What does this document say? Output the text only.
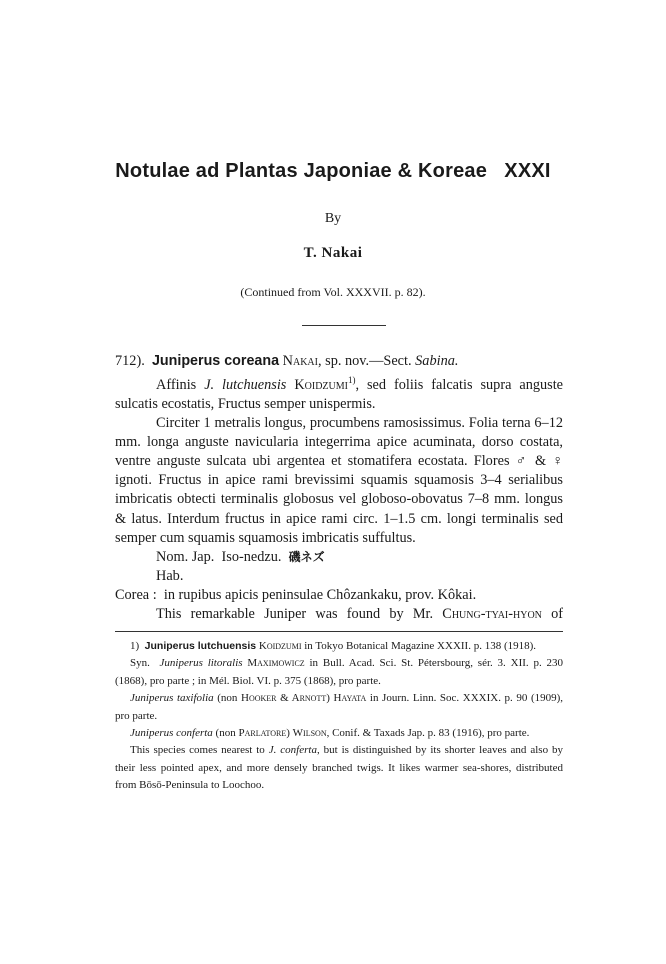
Notulae ad Plantas Japoniae & Koreae   XXXI
By
T. Nakai
(Continued from Vol. XXXVII. p. 82).

712). Juniperus coreana Nakai, sp. nov.—Sect. Sabina.

Affinis J. lutchuensis Koidzumi$^{1)}$, sed foliis falcatis supra anguste sulcatis ecostatis, Fructus semper unispermis.

Circiter 1 metralis longus, procumbens ramosissimus. Folia terna 6–12 mm. longa anguste navicularia integerrima apice acuminata, dorso costata, ventre anguste sulcata ubi argentea et stomatifera ecostata. Flores ♂ & ♀ ignoti. Fructus in apice rami brevissimi squamis squamosis 3–4 serialibus imbricatis obtecti terminalis globosus vel globoso-obovatus 7–8 mm. longus & latus. Interdum fructus in apice rami circ. 1–1.5 cm. longi terminalis sed semper cum squamis squamosis imbricatis suffultus.

Nom. Jap. Iso-nedzu. 磯ネズ

Hab.

Corea : in rupibus apicis peninsulae Chôzankaku, prov. Kôkai.

This remarkable Juniper was found by Mr. Chung-tyai-hyon of

1) Juniperus lutchuensis Koidzumi in Tokyo Botanical Magazine XXXII. p. 138 (1918).

Syn. Juniperus litoralis Maximowicz in Bull. Acad. Sci. St. Pétersbourg, sér. 3. XII. p. 230 (1868), pro parte ; in Mél. Biol. VI. p. 375 (1868), pro parte.

Juniperus taxifolia (non Hooker & Arnott) Hayata in Journ. Linn. Soc. XXXIX. p. 90 (1909), pro parte.

Juniperus conferta (non Parlatore) Wilson, Conif. & Taxads Jap. p. 83 (1916), pro parte.

This species comes nearest to J. conferta, but is distinguished by its shorter leaves and also by their less pointed apex, and more densely branched twigs. It likes warmer sea-shores, distributed from Bōsō-Peninsula to Loochoo.
